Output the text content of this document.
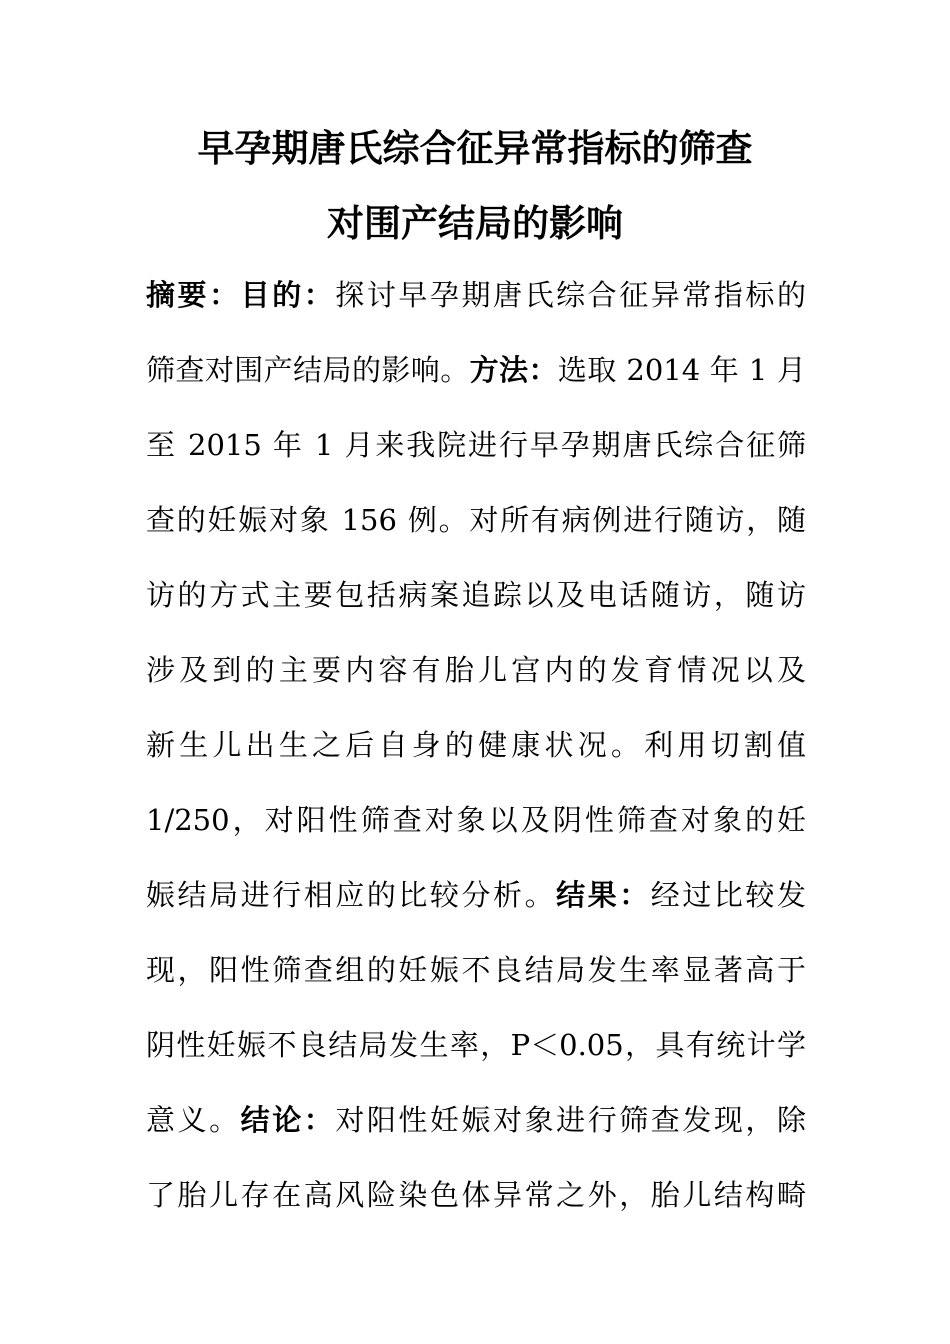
早孕期唐氏综合征异常指标的筛查
对围产结局的影响
摘要：目的：探讨早孕期唐氏综合征异常指标的
筛查对围产结局的影响。方法：选取 2014 年 1 月
至 2015 年 1 月来我院进行早孕期唐氏综合征筛
查的妊娠对象 156 例。对所有病例进行随访，随
访的方式主要包括病案追踪以及电话随访，随访
涉及到的主要内容有胎儿宫内的发育情况以及
新生儿出生之后自身的健康状况。利用切割值
1/250，对阳性筛查对象以及阴性筛查对象的妊
娠结局进行相应的比较分析。结果：经过比较发
现，阳性筛查组的妊娠不良结局发生率显著高于
阴性妊娠不良结局发生率，P＜0.05，具有统计学
意义。结论：对阳性妊娠对象进行筛查发现，除
了胎儿存在高风险染色体异常之外，胎儿结构畸
